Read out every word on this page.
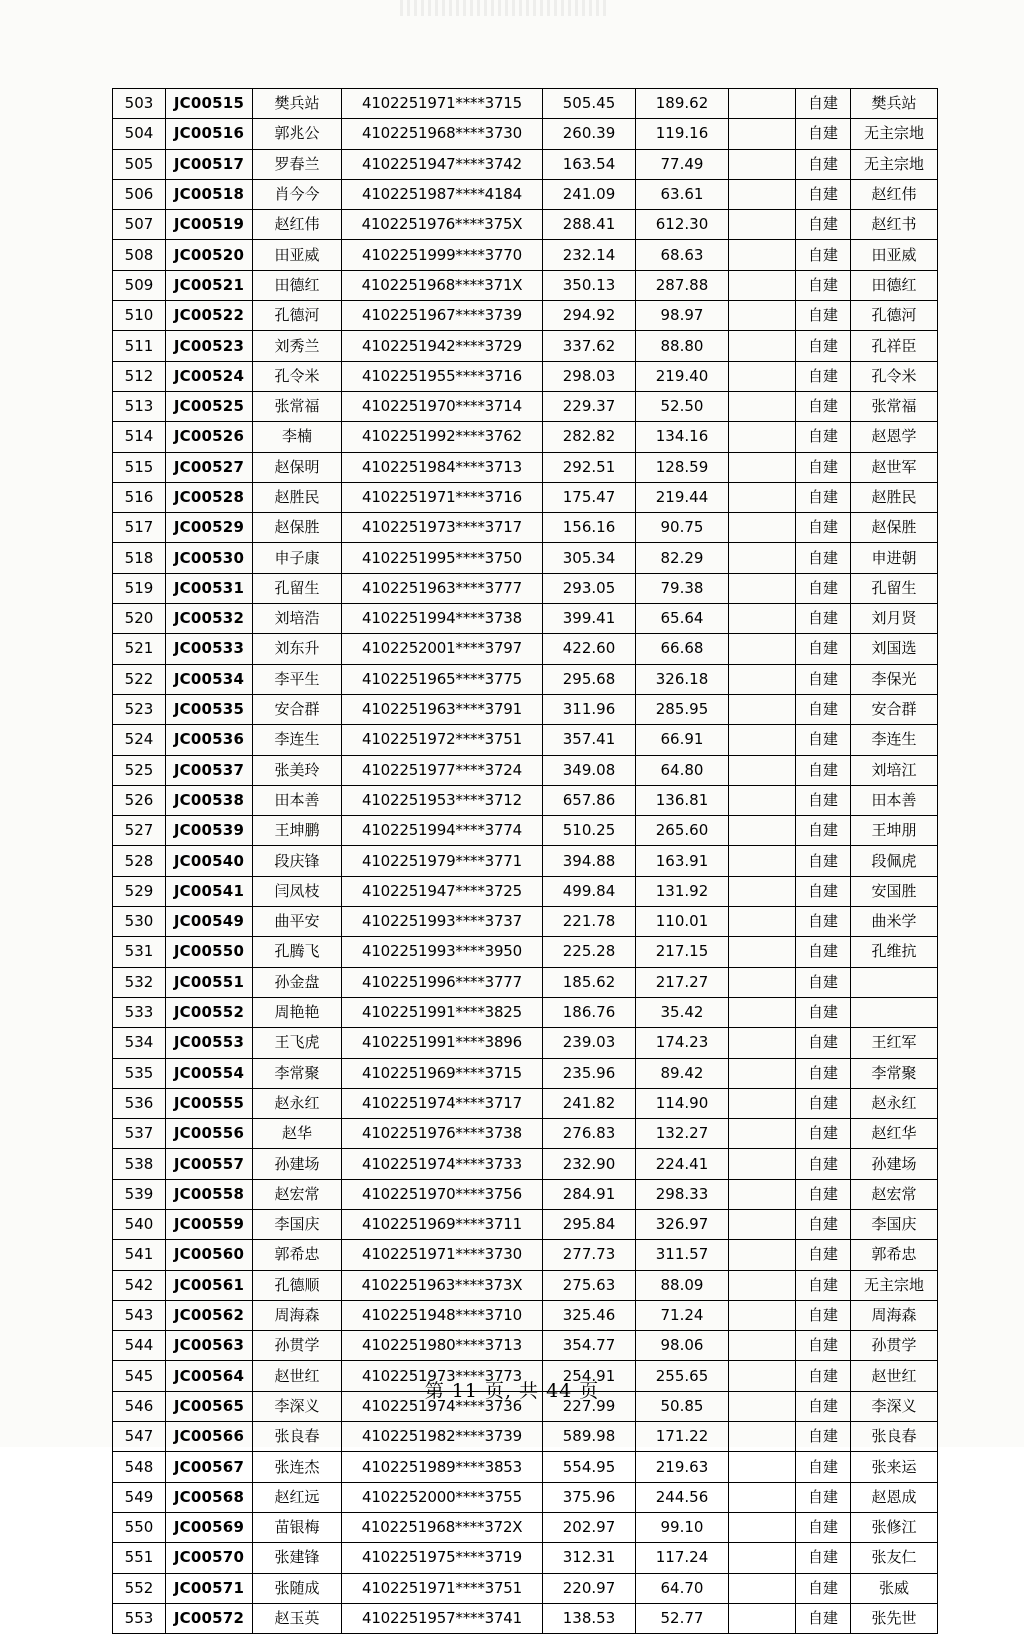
503	JC00515	樊兵站	4102251971****3715	505.45	189.62		自建	樊兵站
504	JC00516	郭兆公	4102251968****3730	260.39	119.16		自建	无主宗地
505	JC00517	罗春兰	4102251947****3742	163.54	77.49		自建	无主宗地
506	JC00518	肖今今	4102251987****4184	241.09	63.61		自建	赵红伟
507	JC00519	赵红伟	4102251976****375X	288.41	612.30		自建	赵红书
508	JC00520	田亚威	4102251999****3770	232.14	68.63		自建	田亚威
509	JC00521	田德红	4102251968****371X	350.13	287.88		自建	田德红
510	JC00522	孔德河	4102251967****3739	294.92	98.97		自建	孔德河
511	JC00523	刘秀兰	4102251942****3729	337.62	88.80		自建	孔祥臣
512	JC00524	孔令米	4102251955****3716	298.03	219.40		自建	孔令米
513	JC00525	张常福	4102251970****3714	229.37	52.50		自建	张常福
514	JC00526	李楠	4102251992****3762	282.82	134.16		自建	赵恩学
515	JC00527	赵保明	4102251984****3713	292.51	128.59		自建	赵世军
516	JC00528	赵胜民	4102251971****3716	175.47	219.44		自建	赵胜民
517	JC00529	赵保胜	4102251973****3717	156.16	90.75		自建	赵保胜
518	JC00530	申子康	4102251995****3750	305.34	82.29		自建	申进朝
519	JC00531	孔留生	4102251963****3777	293.05	79.38		自建	孔留生
520	JC00532	刘培浩	4102251994****3738	399.41	65.64		自建	刘月贤
521	JC00533	刘东升	4102252001****3797	422.60	66.68		自建	刘国选
522	JC00534	李平生	4102251965****3775	295.68	326.18		自建	李保光
523	JC00535	安合群	4102251963****3791	311.96	285.95		自建	安合群
524	JC00536	李连生	4102251972****3751	357.41	66.91		自建	李连生
525	JC00537	张美玲	4102251977****3724	349.08	64.80		自建	刘培江
526	JC00538	田本善	4102251953****3712	657.86	136.81		自建	田本善
527	JC00539	王坤鹏	4102251994****3774	510.25	265.60		自建	王坤朋
528	JC00540	段庆锋	4102251979****3771	394.88	163.91		自建	段佩虎
529	JC00541	闫凤枝	4102251947****3725	499.84	131.92		自建	安国胜
530	JC00549	曲平安	4102251993****3737	221.78	110.01		自建	曲米学
531	JC00550	孔腾飞	4102251993****3950	225.28	217.15		自建	孔维抗
532	JC00551	孙金盘	4102251996****3777	185.62	217.27		自建	
533	JC00552	周艳艳	4102251991****3825	186.76	35.42		自建	
534	JC00553	王飞虎	4102251991****3896	239.03	174.23		自建	王红军
535	JC00554	李常聚	4102251969****3715	235.96	89.42		自建	李常聚
536	JC00555	赵永红	4102251974****3717	241.82	114.90		自建	赵永红
537	JC00556	赵华	4102251976****3738	276.83	132.27		自建	赵红华
538	JC00557	孙建场	4102251974****3733	232.90	224.41		自建	孙建场
539	JC00558	赵宏常	4102251970****3756	284.91	298.33		自建	赵宏常
540	JC00559	李国庆	4102251969****3711	295.84	326.97		自建	李国庆
541	JC00560	郭希忠	4102251971****3730	277.73	311.57		自建	郭希忠
542	JC00561	孔德顺	4102251963****373X	275.63	88.09		自建	无主宗地
543	JC00562	周海森	4102251948****3710	325.46	71.24		自建	周海森
544	JC00563	孙贯学	4102251980****3713	354.77	98.06		自建	孙贯学
545	JC00564	赵世红	4102251973****3773	254.91	255.65		自建	赵世红
546	JC00565	李深义	4102251974****3736	227.99	50.85		自建	李深义
547	JC00566	张良春	4102251982****3739	589.98	171.22		自建	张良春
548	JC00567	张连杰	4102251989****3853	554.95	219.63		自建	张来运
549	JC00568	赵红远	4102252000****3755	375.96	244.56		自建	赵恩成
550	JC00569	苗银梅	4102251968****372X	202.97	99.10		自建	张修江
551	JC00570	张建锋	4102251975****3719	312.31	117.24		自建	张友仁
552	JC00571	张随成	4102251971****3751	220.97	64.70		自建	张威
553	JC00572	赵玉英	4102251957****3741	138.53	52.77		自建	张先世
第 11 页, 共 44 页
